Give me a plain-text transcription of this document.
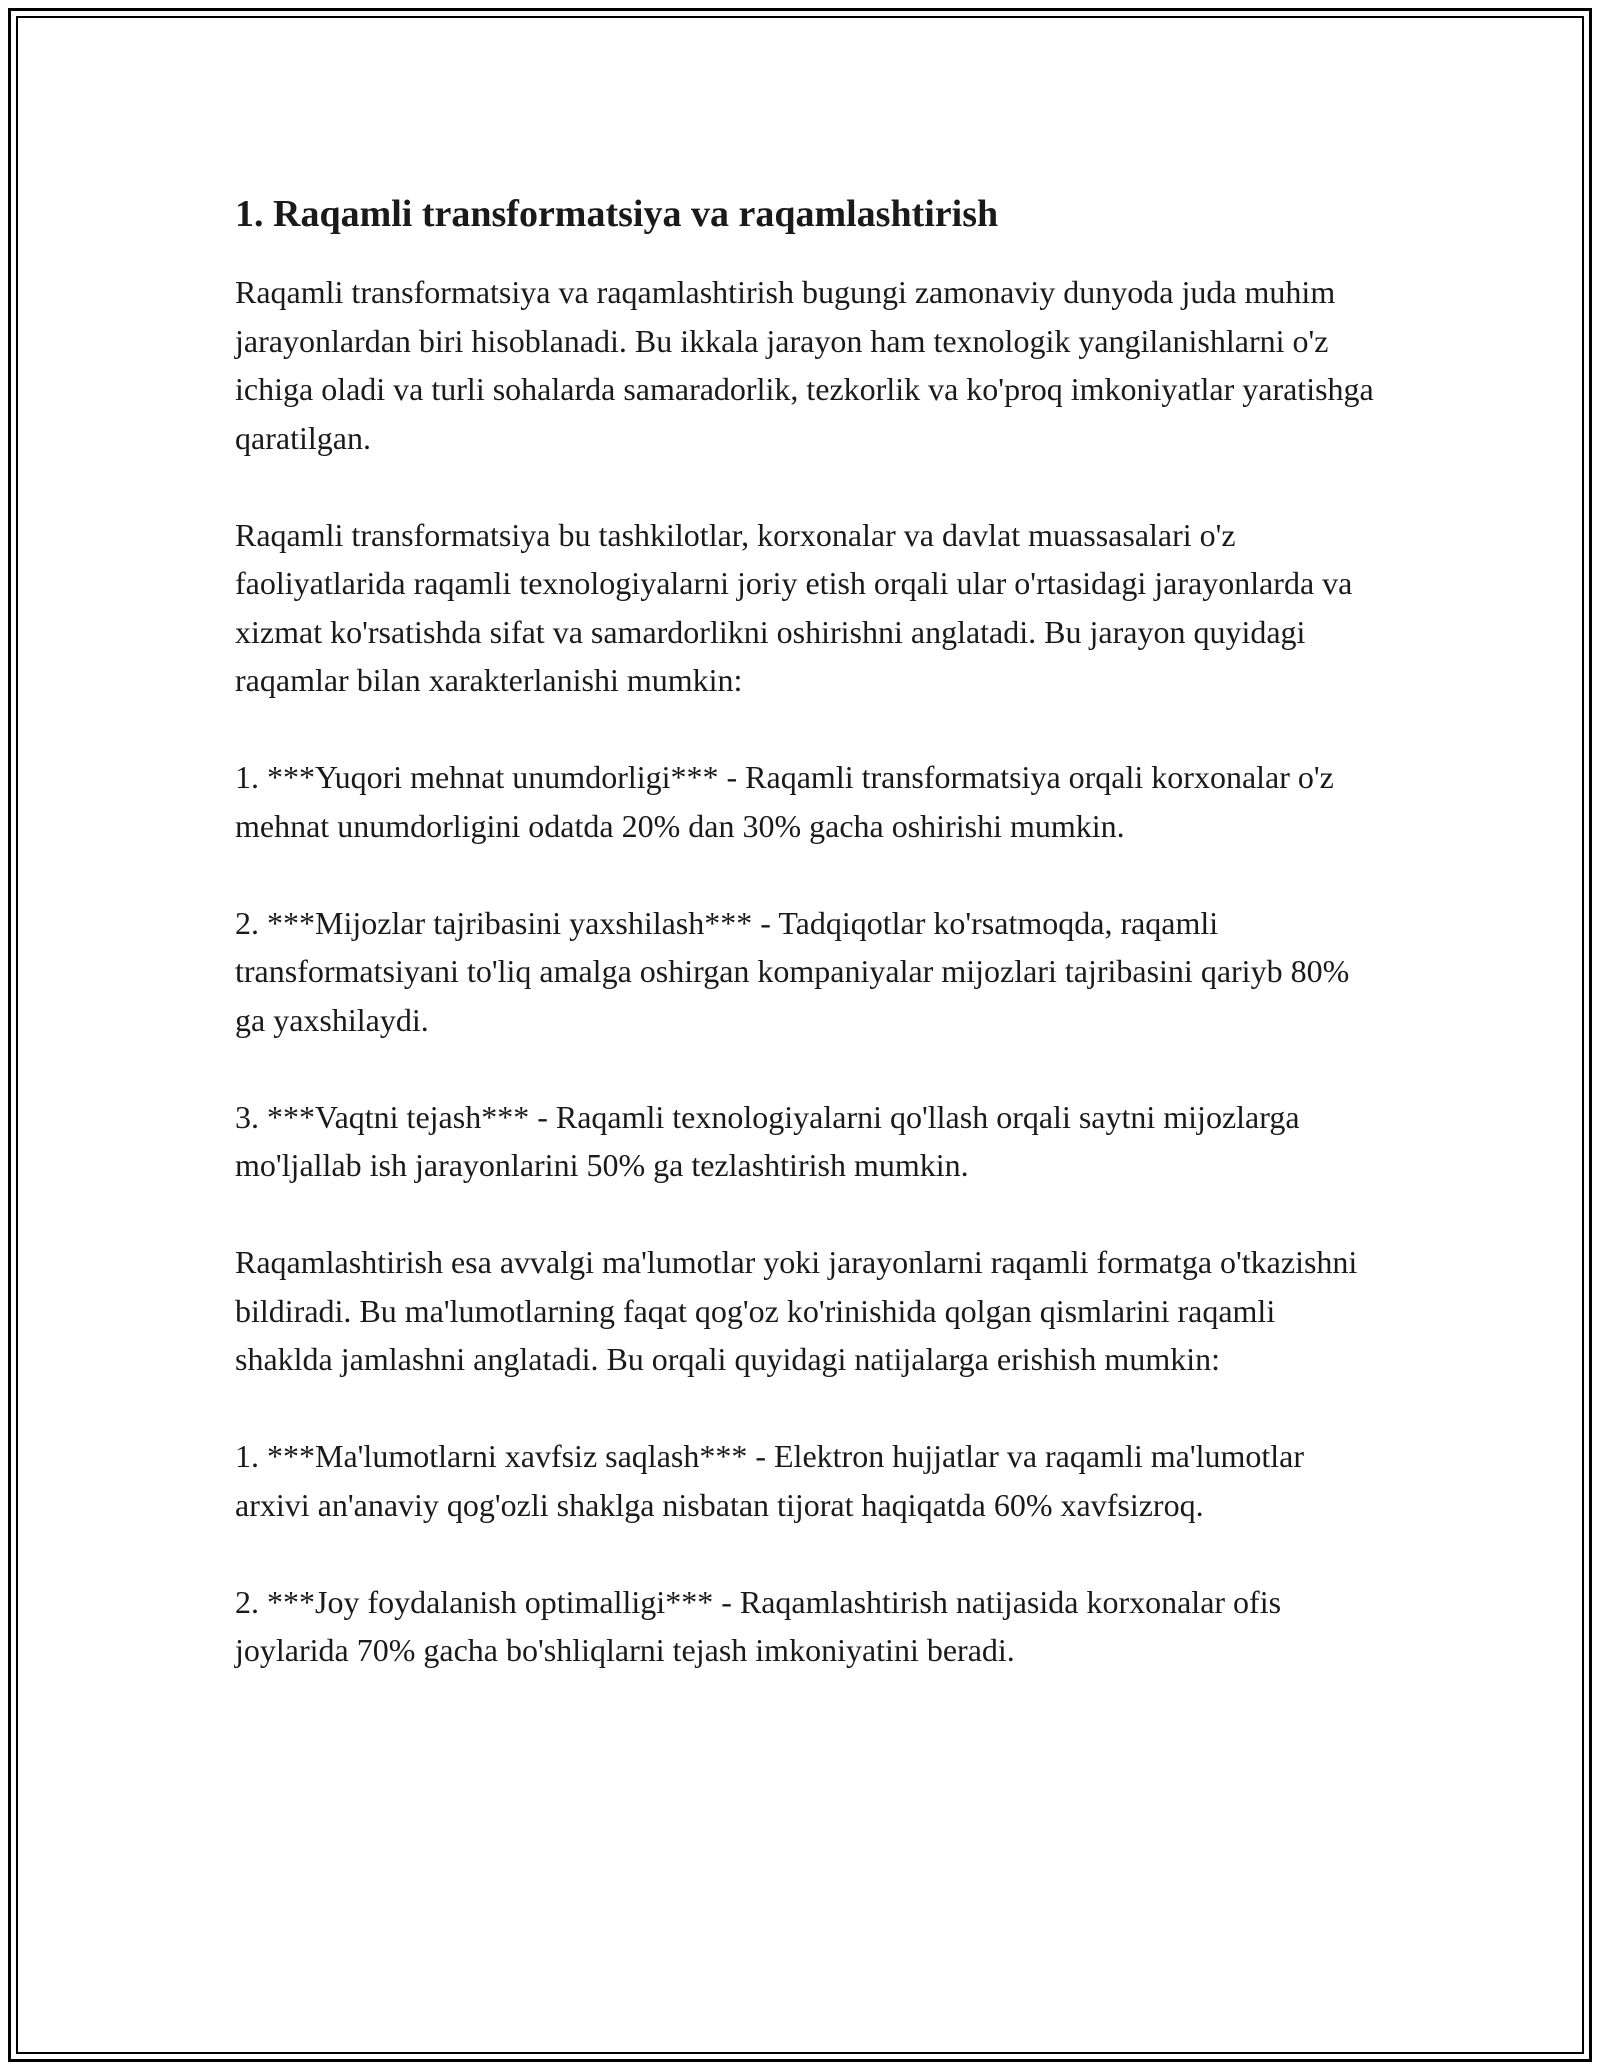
1. Raqamli transformatsiya va raqamlashtirish

Raqamli transformatsiya va raqamlashtirish bugungi zamonaviy dunyoda juda muhim jarayonlardan biri hisoblanadi. Bu ikkala jarayon ham texnologik yangilanishlarni o'z ichiga oladi va turli sohalarda samaradorlik, tezkorlik va ko'proq imkoniyatlar yaratishga qaratilgan.

Raqamli transformatsiya bu tashkilotlar, korxonalar va davlat muassasalari o'z faoliyatlarida raqamli texnologiyalarni joriy etish orqali ular o'rtasidagi jarayonlarda va xizmat ko'rsatishda sifat va samardorlikni oshirishni anglatadi. Bu jarayon quyidagi raqamlar bilan xarakterlanishi mumkin:

1. ***Yuqori mehnat unumdorligi*** - Raqamli transformatsiya orqali korxonalar o'z mehnat unumdorligini odatda 20% dan 30% gacha oshirishi mumkin.

2. ***Mijozlar tajribasini yaxshilash*** - Tadqiqotlar ko'rsatmoqda, raqamli transformatsiyani to'liq amalga oshirgan kompaniyalar mijozlari tajribasini qariyb 80% ga yaxshilaydi.

3. ***Vaqtni tejash*** - Raqamli texnologiyalarni qo'llash orqali saytni mijozlarga mo'ljallab ish jarayonlarini 50% ga tezlashtirish mumkin.

Raqamlashtirish esa avvalgi ma'lumotlar yoki jarayonlarni raqamli formatga o'tkazishni bildiradi. Bu ma'lumotlarning faqat qog'oz ko'rinishida qolgan qismlarini raqamli shaklda jamlashni anglatadi. Bu orqali quyidagi natijalarga erishish mumkin:

1. ***Ma'lumotlarni xavfsiz saqlash*** - Elektron hujjatlar va raqamli ma'lumotlar arxivi an'anaviy qog'ozli shaklga nisbatan tijorat haqiqatda 60% xavfsizroq.

2. ***Joy foydalanish optimalligi*** - Raqamlashtirish natijasida korxonalar ofis joylarida 70% gacha bo'shliqlarni tejash imkoniyatini beradi.
